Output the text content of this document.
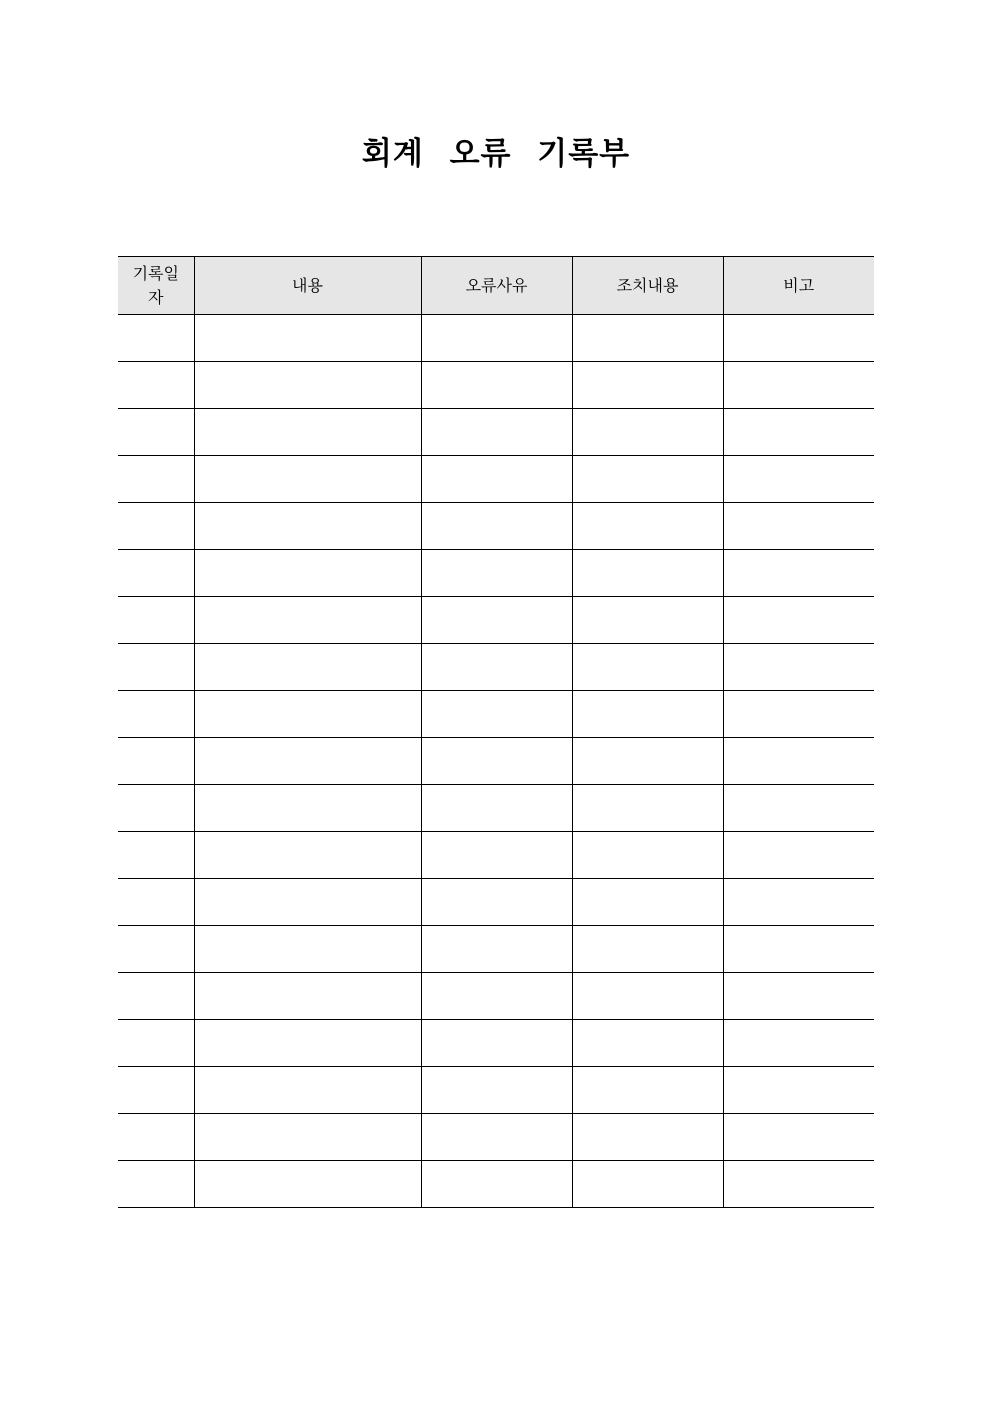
회계 오류 기록부
기록일자	내용	오류사유	조치내용	비고
